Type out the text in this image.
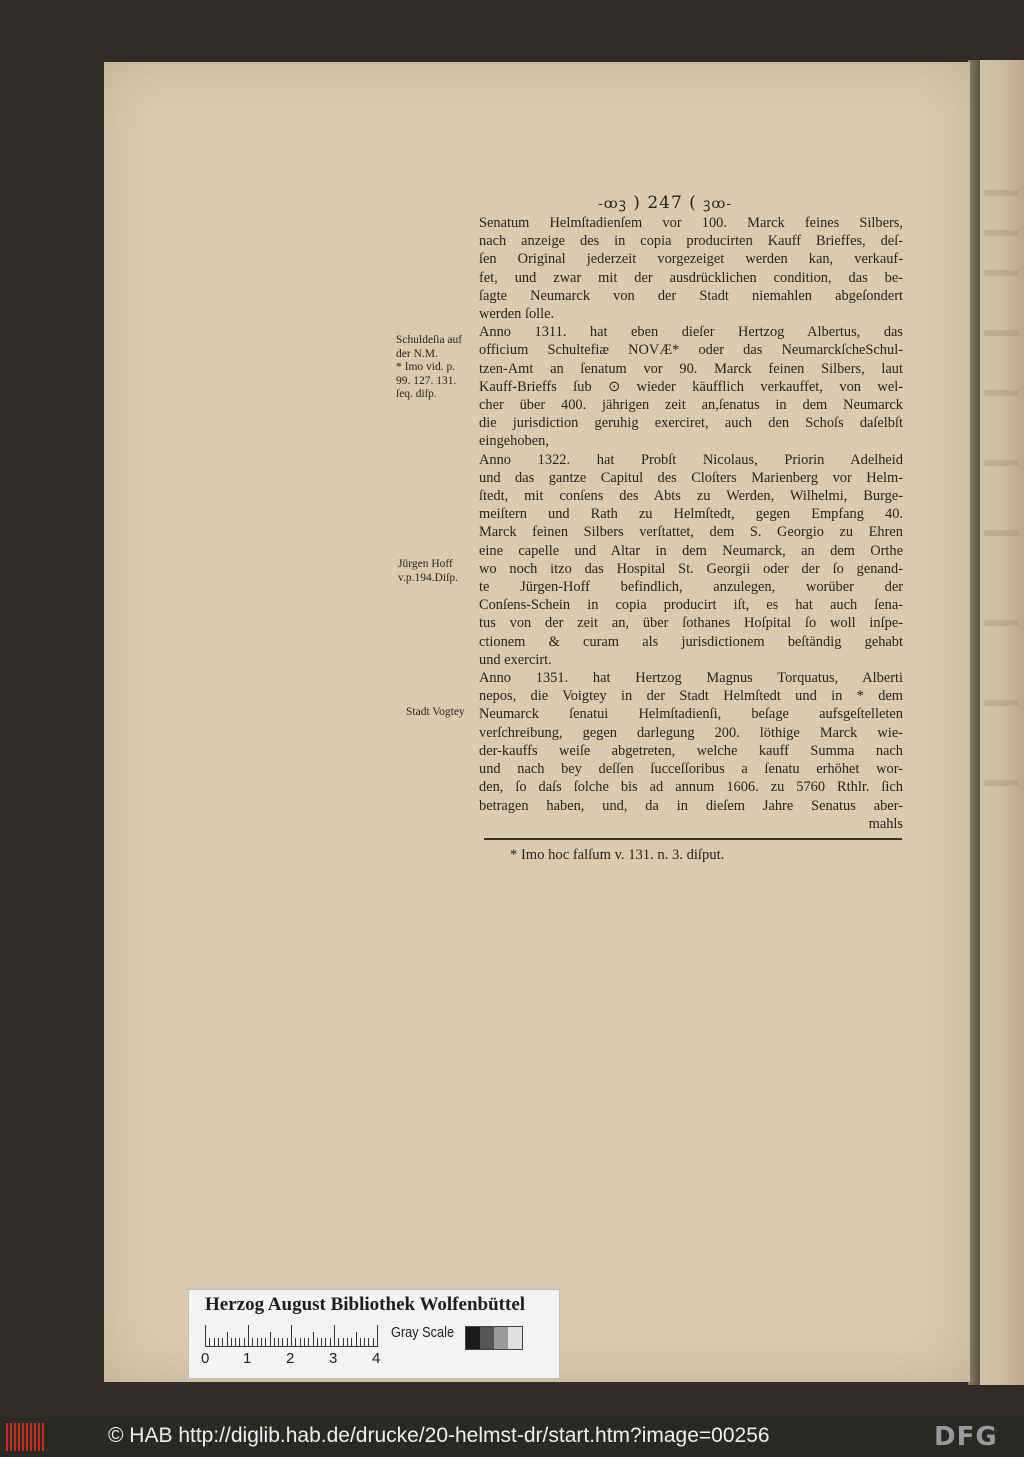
-ꝏꝫ ) 247 ( ꝫꝏ-
Senatum Helmſtadienſem vor 100. Marck feines Silbers,
nach anzeige des in copia producirten Kauff Brieffes, deſ-
ſen Original jederzeit vorgezeiget werden kan, verkauf-
fet, und zwar mit der ausdrücklichen condition, das be-
ſagte Neumarck von der Stadt niemahlen abgeſondert
werden ſolle.
Anno 1311. hat eben dieſer Hertzog Albertus, das
officium Schultefiæ NOVÆ* oder das NeumarckſcheSchul-
tzen-Amt an ſenatum vor 90. Marck feinen Silbers, laut
Kauff-Brieffs ſub ⊙ wieder käufflich verkauffet, von wel-
cher über 400. jährigen zeit an,ſenatus in dem Neumarck
die jurisdiction geruhig exerciret, auch den Schoſs daſelbſt
eingehoben,
Anno 1322. hat Probſt Nicolaus, Priorin Adelheid
und das gantze Capitul des Cloſters Marienberg vor Helm-
ſtedt, mit conſens des Abts zu Werden, Wilhelmi, Burge-
meiſtern und Rath zu Helmſtedt, gegen Empfang 40.
Marck feinen Silbers verſtattet, dem S. Georgio zu Ehren
eine capelle und Altar in dem Neumarck, an dem Orthe
wo noch itzo das Hospital St. Georgii oder der ſo genand-
te Jürgen-Hoff befindlich, anzulegen, worüber der
Conſens-Schein in copia producirt iſt, es hat auch ſena-
tus von der zeit an, über ſothanes Hoſpital ſo woll inſpe-
ctionem & curam als jurisdictionem beſtändig gehabt
und exercirt.
Anno 1351. hat Hertzog Magnus Torquatus, Alberti
nepos, die Voigtey in der Stadt Helmſtedt und in * dem
Neumarck ſenatui Helmſtadienſi, beſage aufsgeſtelleten
verſchreibung, gegen darlegung 200. löthige Marck wie-
der-kauffs weiſe abgetreten, welche kauff Summa nach
und nach bey deſſen ſucceſſoribus a ſenatu erhöhet wor-
den, ſo daſs ſolche bis ad annum 1606. zu 5760 Rthlr. ſich
betragen haben, und, da in dieſem Jahre Senatus aber-
mahls
Schuldeſia auf
der N.M.
* Imo vid. p.
99. 127. 131.
ſeq. diſp.
Jürgen Hoff
v.p.194.Diſp.
Stadt Vogtey
* Imo hoc falſum v. 131. n. 3. diſput.
Herzog August Bibliothek Wolfenbüttel
0 1 2 3 4
Gray Scale
© HAB http://diglib.hab.de/drucke/20-helmst-dr/start.htm?image=00256	DFG
